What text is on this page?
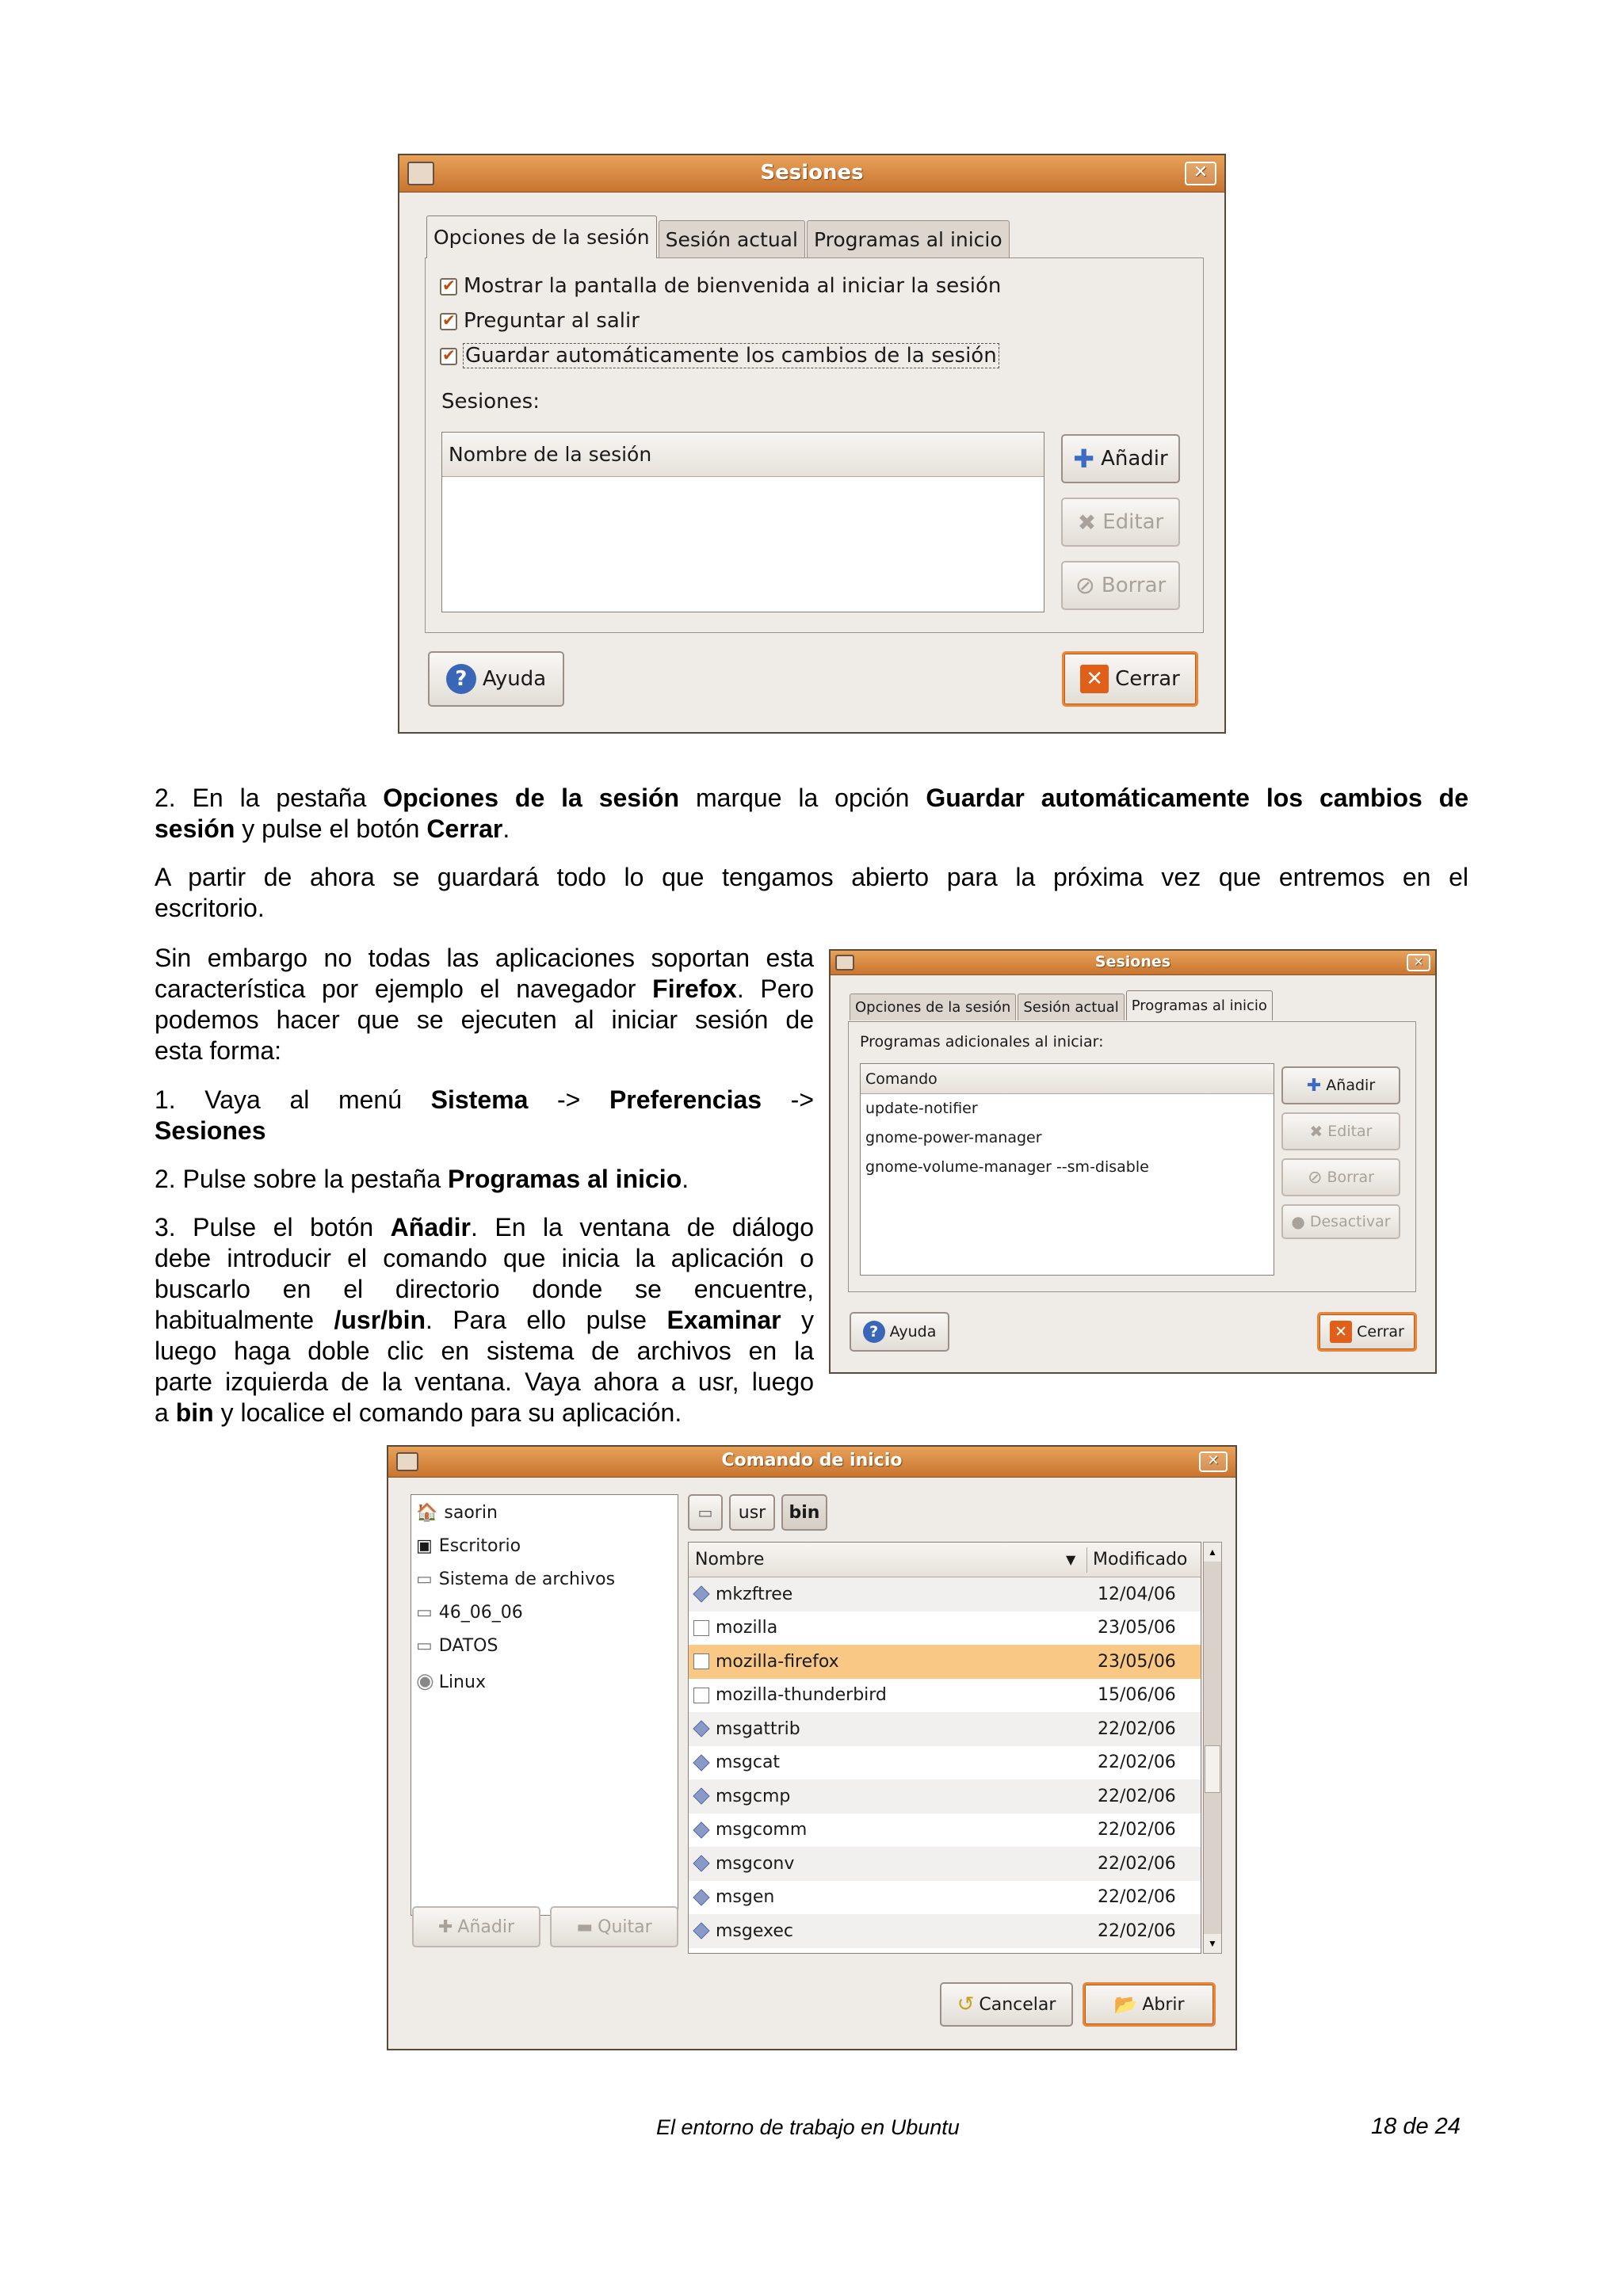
Sesiones	✕
Opciones de la sesión Sesión actual Programas al inicio
✔Mostrar la pantalla de bienvenida al iniciar la sesión
✔Preguntar al salir
✔Guardar automáticamente los cambios de la sesión
Sesiones:
Nombre de la sesión	✚ Añadir
✖ Editar
⊘ Borrar
? Ayuda	✕ Cerrar
2. En la pestaña Opciones de la sesión marque la opción Guardar automáticamente los cambios de
sesión y pulse el botón Cerrar.
A partir de ahora se guardará todo lo que tengamos abierto para la próxima vez que entremos en el
escritorio.
Sin embargo no todas las aplicaciones soportan esta
característica por ejemplo el navegador Firefox. Pero
podemos hacer que se ejecuten al iniciar sesión de
esta forma:
1. Vaya al menú Sistema -> Preferencias ->
Sesiones
2. Pulse sobre la pestaña Programas al inicio.
3. Pulse el botón Añadir. En la ventana de diálogo
debe introducir el comando que inicia la aplicación o
buscarlo en el directorio donde se encuentre,
habitualmente /usr/bin. Para ello pulse Examinar y
luego haga doble clic en sistema de archivos en la
parte izquierda de la ventana. Vaya ahora a usr, luego
a bin y localice el comando para su aplicación.
Sesiones	✕
Opciones de la sesión Sesión actual Programas al inicio
Programas adicionales al iniciar:
Comando
update-notifier
gnome-power-manager
gnome-volume-manager --sm-disable
✚ Añadir
✖ Editar
⊘ Borrar
● Desactivar
? Ayuda	✕ Cerrar
Comando de inicio	✕
🏠 saorin
▣ Escritorio
▭ Sistema de archivos
▭ 46_06_06
▭ DATOS
◉ Linux
✚ Añadir	▬ Quitar
▭	usr	bin
Nombre	▼ Modificado
mkzftree	12/04/06
mozilla	23/05/06
mozilla-firefox	23/05/06
mozilla-thunderbird	15/06/06
msgattrib	22/02/06
msgcat	22/02/06
msgcmp	22/02/06
msgcomm	22/02/06
msgconv	22/02/06
msgen	22/02/06
msgexec	22/02/06
▲
▼
↺ Cancelar	📂 Abrir
El entorno de trabajo en Ubuntu	18 de 24
